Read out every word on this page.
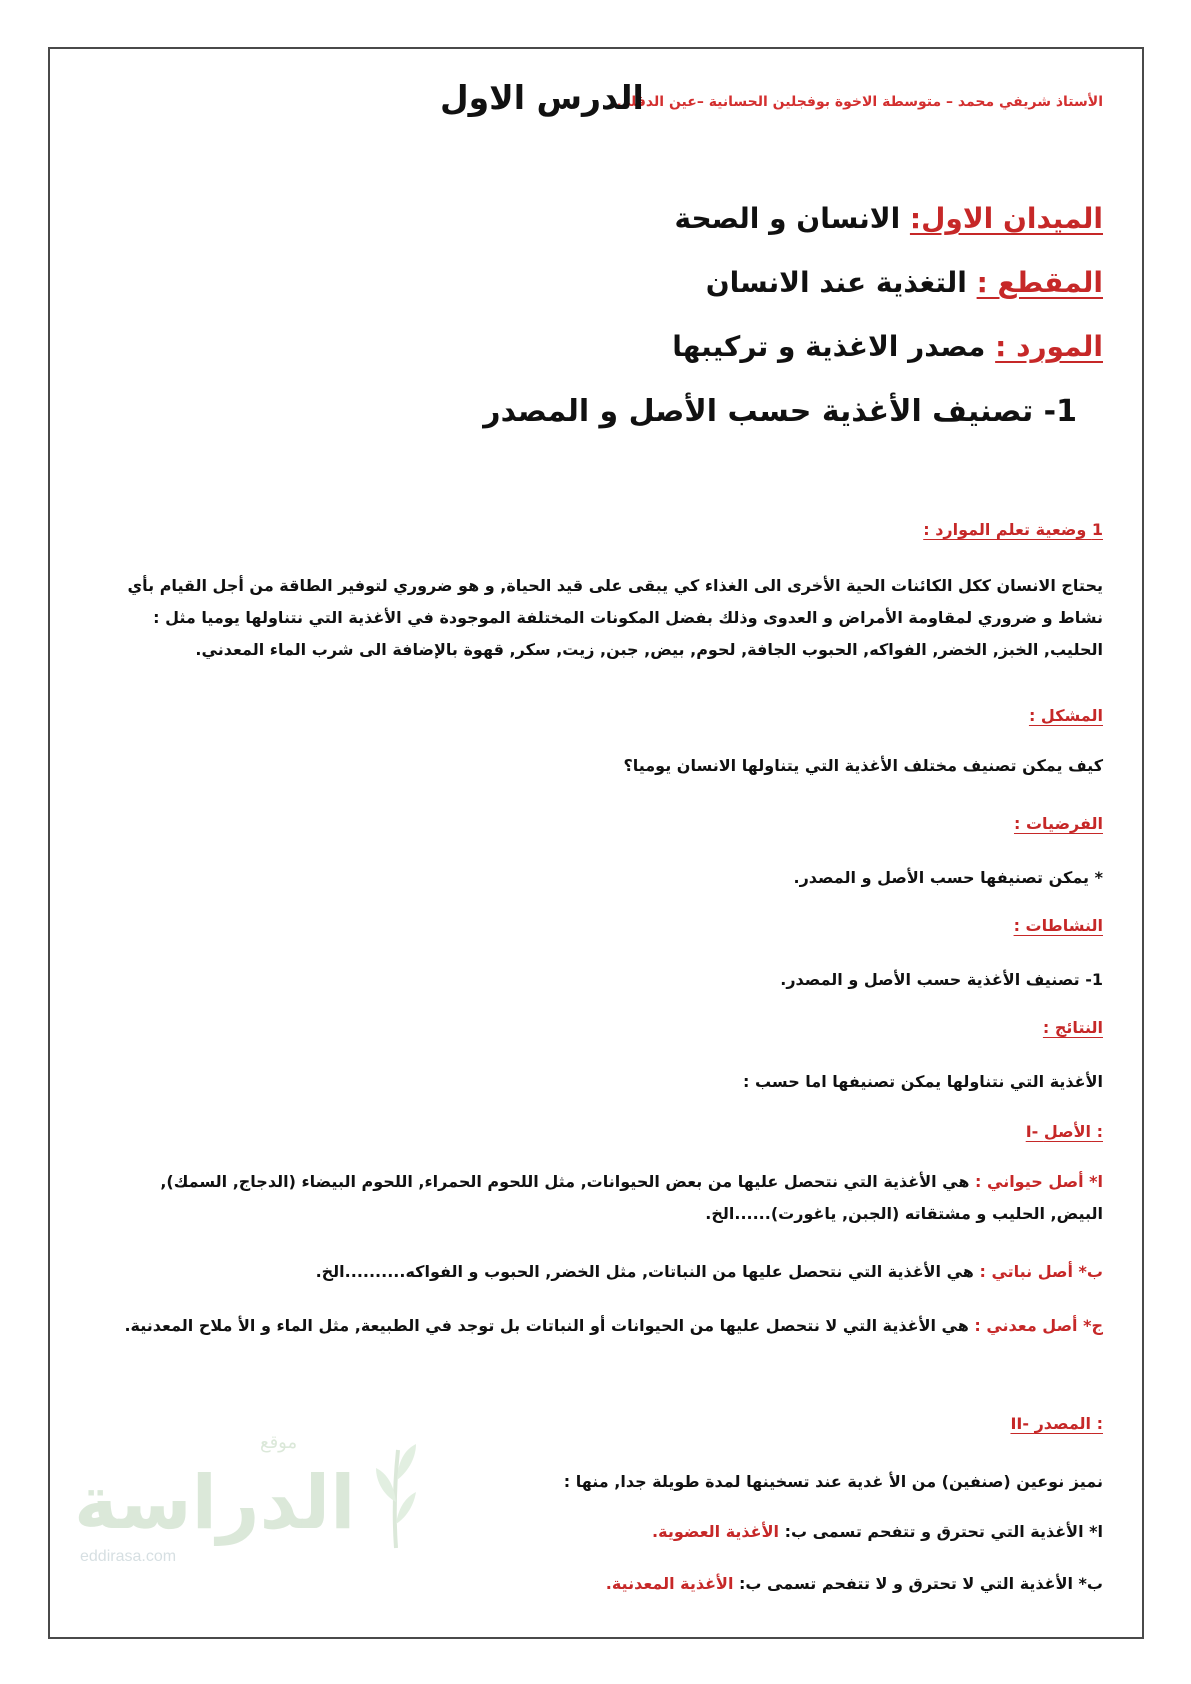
الأستاذ شريفي محمد – متوسطة الاخوة بوفجلين الحسانية –عين الدفلى
الدرس الاول
الميدان الاول: الانسان و الصحة
المقطع : التغذية عند الانسان
المورد : مصدر الاغذية و تركيبها
1- تصنيف الأغذية حسب الأصل و المصدر
1 وضعية تعلم الموارد :

يحتاج الانسان ككل الكائنات الحية الأخرى الى الغذاء كي يبقى على قيد الحياة, و هو ضروري لتوفير الطاقة من أجل القيام بأي نشاط و ضروري لمقاومة الأمراض و العدوى وذلك بفضل المكونات المختلفة الموجودة في الأغذية التي نتناولها يوميا مثل : الحليب, الخبز, الخضر, الفواكه, الحبوب الجافة, لحوم, بيض, جبن, زيت, سكر, قهوة بالإضافة الى شرب الماء المعدني.

المشكل :
كيف يمكن تصنيف مختلف الأغذية التي يتناولها الانسان يوميا؟
الفرضيات :
* يمكن تصنيفها حسب الأصل و المصدر.
النشاطات :
1- تصنيف الأغذية حسب الأصل و المصدر.
النتائج :
الأغذية التي نتناولها يمكن تصنيفها اما حسب :
I- الأصل :

ا* أصل حيواني : هي الأغذية التي نتحصل عليها من بعض الحيوانات, مثل اللحوم الحمراء, اللحوم البيضاء (الدجاج, السمك), البيض, الحليب و مشتقاته (الجبن, ياغورت)......الخ.

ب* أصل نباتي : هي الأغذية التي نتحصل عليها من النباتات, مثل الخضر, الحبوب و الفواكه..........الخ.

ج* أصل معدني : هي الأغذية التي لا نتحصل عليها من الحيوانات أو النباتات بل توجد في الطبيعة, مثل الماء و الأ ملاح المعدنية.

II- المصدر :
نميز نوعين (صنفين) من الأ غدية عند تسخينها لمدة طويلة جدا, منها :

ا* الأغذية التي تحترق و تتفحم تسمى ب: الأغذية العضوية.

ب* الأغذية التي لا تحترق و لا تتفحم تسمى ب: الأغذية المعدنية.

موقع
الدراسة
eddirasa.com
